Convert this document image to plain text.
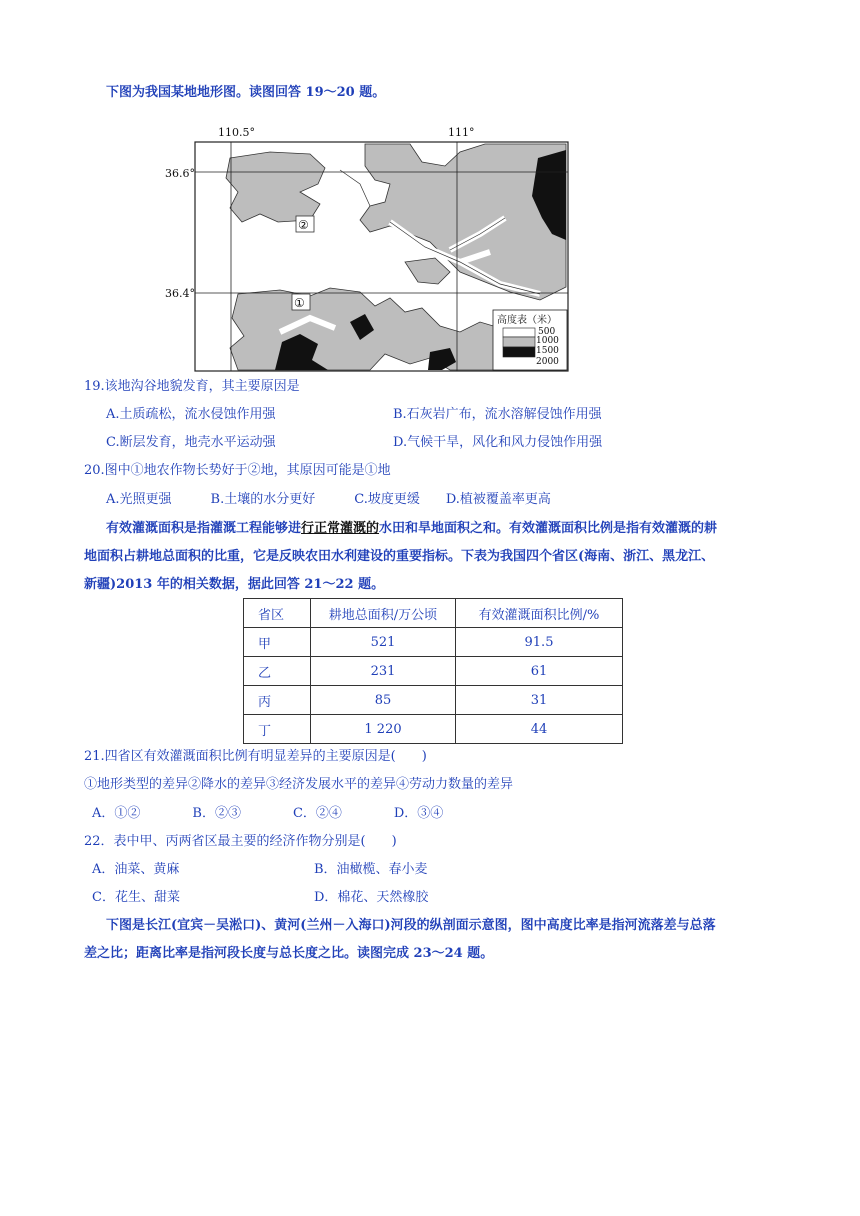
下图为我国某地地形图。读图回答 19～20 题。
110.5°	111°
36.6°
36.4°
②
①
高度表（米）
500
1000
1500
2000
19.该地沟谷地貌发育，其主要原因是
A.土质疏松，流水侵蚀作用强	B.石灰岩广布，流水溶解侵蚀作用强
C.断层发育，地壳水平运动强	D.气候干旱，风化和风力侵蚀作用强
20.图中①地农作物长势好于②地，其原因可能是①地
A.光照更强　　　B.土壤的水分更好　　　C.坡度更缓　　D.植被覆盖率更高
有效灌溉面积是指灌溉工程能够进行正常灌溉的水田和旱地面积之和。有效灌溉面积比例是指有效灌溉的耕
地面积占耕地总面积的比重，它是反映农田水利建设的重要指标。下表为我国四个省区(海南、浙江、黑龙江、
新疆)2013 年的相关数据，据此回答 21～22 题。
省区	耕地总面积/万公顷	有效灌溉面积比例/%
甲	521	91.5
乙	231	61
丙	85	31
丁	1 220	44
21.四省区有效灌溉面积比例有明显差异的主要原因是(　　)
①地形类型的差异②降水的差异③经济发展水平的差异④劳动力数量的差异
A．①②　　　　B．②③　　　　C．②④　　　　D．③④
22．表中甲、丙两省区最主要的经济作物分别是(　　)
A．油菜、黄麻	B．油橄榄、春小麦
C．花生、甜菜	D．棉花、天然橡胶
下图是长江(宜宾－吴淞口)、黄河(兰州－入海口)河段的纵剖面示意图，图中高度比率是指河流落差与总落
差之比；距离比率是指河段长度与总长度之比。读图完成 23～24 题。
